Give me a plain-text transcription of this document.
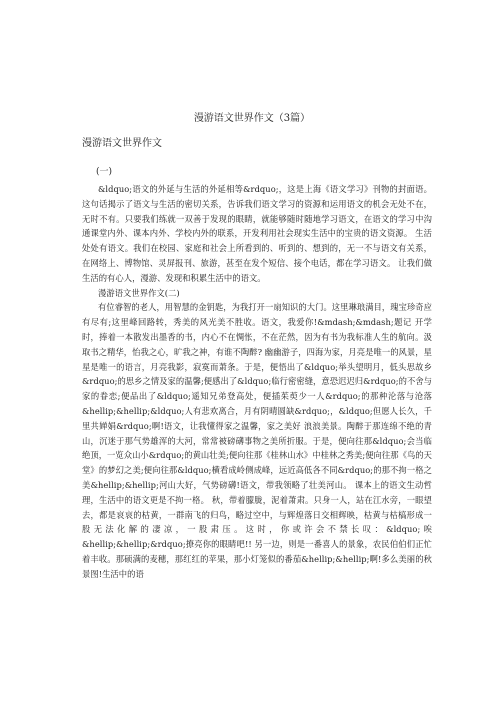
漫游语文世界作文（3篇）
漫游语文世界作文
(一)

&ldquo;语文的外延与生活的外延相等&rdquo;，这是上海《语文学习》刊物的封面语。这句话揭示了语文与生活的密切关系，告诉我们语文学习的资源和运用语文的机会无处不在，无时不有。只要我们练就一双善于发现的眼睛，就能够随时随地学习语文，在语文的学习中沟通课堂内外、课本内外、学校内外的联系，开发利用社会现实生活中的宝贵的语文资源。 生活处处有语文。我们在校园、家庭和社会上所看到的、听到的、想到的，无一不与语文有关系，在网络上、博物馆、灵屏报刊、旅游，甚至在发个短信、接个电话，都在学习语文。 让我们做生活的有心人，漫游、发现和积累生活中的语文。

漫游语文世界作文(二)

有位睿智的老人，用智慧的金钥匙，为我打开一扇知识的大门。这里琳琅满目，瑰宝珍奇应有尽有;这里峰回路转，秀美的风光美不胜收。语文，我爱你!&mdash;&mdash;题记 开学时，捧着一本散发出墨香的书，内心不在惆怅，不在茫然，因为有书为我标准人生的航向。汲取书之精华，怡我之心，旷我之神，有谁不陶醉? 幽幽游子，四海为家，月亮是唯一的风景，星星是唯一的语言，月亮我影，寂寞而萧条。于是，便悟出了&ldquo;举头望明月，低头思故乡&rdquo;的思乡之情及家的温馨;便感出了&ldquo;临行密密缝，意恐迟迟归&rdquo;的不舍与家的眷恋;便品出了&ldquo;遥知兄弟登高处，便插茱萸少一人&rdquo;的那种沦落与沧落&hellip;&hellip;&ldquo;人有悲欢离合，月有阴晴圆缺&rdquo;，&ldquo;但愿人长久，千里共婵娟&rdquo;啊!语文，让我懂得家之温馨，家之美好 浪浪美景。陶醉于那连绵不绝的青山，沉迷于那气势雄浑的大河，常常被磅礴事物之美所折服。于是，便向往那&ldquo;会当临绝顶，一览众山小&rdquo;的黄山壮美;便向往那《桂林山水》中桂林之秀美;便向往那《鸟的天堂》的梦幻之美;便向往那&ldquo;横看成岭侧成峰，远近高低各不同&rdquo;的那不拘一格之美&hellip;&hellip;河山大好，气势磅礴!语文，带我领略了壮美河山。 课本上的语文生动哲理，生活中的语文更是不拘一格。 秋，带着朦胧，泥着萧肃。只身一人，站在江水旁，一眼望去，都是哀哀的枯黄，一群南飞的归鸟，略过空中，与辉煌落日交相辉映，枯黄与枯槁形成一股无法化解的凄凉，一股肃压。这时，你或许会不禁长叹：&ldquo;唉&hellip;&hellip;&rdquo;撩亮你的眼睛吧!! 另一边，则是一番喜人的景象，农民伯伯们正忙着丰收。那硕满的麦穗，那红红的苹果，那小灯笼似的番茄&hellip;&hellip;啊!多么美丽的秋景图!生活中的语
